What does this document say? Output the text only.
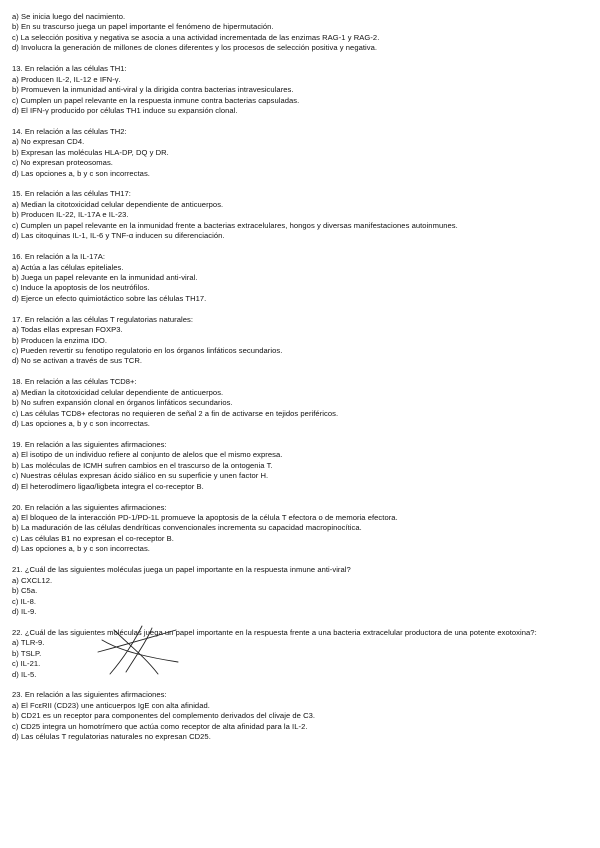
a) Se inicia luego del nacimiento.
b) En su trascurso juega un papel importante el fenómeno de hipermutación.
c) La selección positiva y negativa se asocia a una actividad incrementada de las enzimas RAG-1 y RAG-2.
d) Involucra la generación de millones de clones diferentes y los procesos de selección positiva y negativa.
13. En relación a las células TH1:
a) Producen IL-2, IL-12 e IFN-γ.
b) Promueven la inmunidad anti-viral y la dirigida contra bacterias intravesiculares.
c) Cumplen un papel relevante en la respuesta inmune contra bacterias capsuladas.
d) El IFN-γ producido por células TH1 induce su expansión clonal.
14. En relación a las células TH2:
a) No expresan CD4.
b) Expresan las moléculas HLA-DP, DQ y DR.
c) No expresan proteosomas.
d) Las opciones a, b y c son incorrectas.
15. En relación a las células TH17:
a) Median la citotoxicidad celular dependiente de anticuerpos.
b) Producen IL-22, IL-17A e IL-23.
c) Cumplen un papel relevante en la inmunidad frente a bacterias extracelulares, hongos y diversas manifestaciones autoinmunes.
d) Las citoquinas IL-1, IL-6 y TNF-α inducen su diferenciación.
16. En relación a la IL-17A:
a) Actúa a las células epiteliales.
b) Juega un papel relevante en la inmunidad anti-viral.
c) Induce la apoptosis de los neutrófilos.
d) Ejerce un efecto quimiotáctico sobre las células TH17.
17. En relación a las células T regulatorias naturales:
a) Todas ellas expresan FOXP3.
b) Producen la enzima IDO.
c) Pueden revertir su fenotipo regulatorio en los órganos linfáticos secundarios.
d) No se activan a través de sus TCR.
18. En relación a las células TCD8+:
a) Median la citotoxicidad celular dependiente de anticuerpos.
b) No sufren expansión clonal en órganos linfáticos secundarios.
c) Las células TCD8+ efectoras no requieren de señal 2 a fin de activarse en tejidos periféricos.
d) Las opciones a, b y c son incorrectas.
19. En relación a las siguientes afirmaciones:
a) El isotipo de un individuo refiere al conjunto de alelos que el mismo expresa.
b) Las moléculas de ICMH sufren cambios en el trascurso de la ontogenia T.
c) Nuestras células expresan ácido siálico en su superficie y unen factor H.
d) El heterodímero ligaα/ligbeta integra el co-receptor B.
20. En relación a las siguientes afirmaciones:
a) El bloqueo de la interacción PD-1/PD-1L promueve la apoptosis de la célula T efectora o de memoria efectora.
b) La maduración de las células dendríticas convencionales incrementa su capacidad macropinocítica.
c) Las células B1 no expresan el co-receptor B.
d) Las opciones a, b y c son incorrectas.
21. ¿Cuál de las siguientes moléculas juega un papel importante en la respuesta inmune anti-viral?
a) CXCL12.
b) C5a.
c) IL-8.
d) IL-9.
22. ¿Cuál de las siguientes moléculas juega un papel importante en la respuesta frente a una bacteria extracelular productora de una potente exotoxina?:
a) TLR-9.
b) TSLP.
c) IL-21.
d) IL-5.
23. En relación a las siguientes afirmaciones:
a) El FcεRII (CD23) une anticuerpos IgE con alta afinidad.
b) CD21 es un receptor para componentes del complemento derivados del clivaje de C3.
c) CD25 integra un homotrímero que actúa como receptor de alta afinidad para la IL-2.
d) Las células T regulatorias naturales no expresan CD25.
